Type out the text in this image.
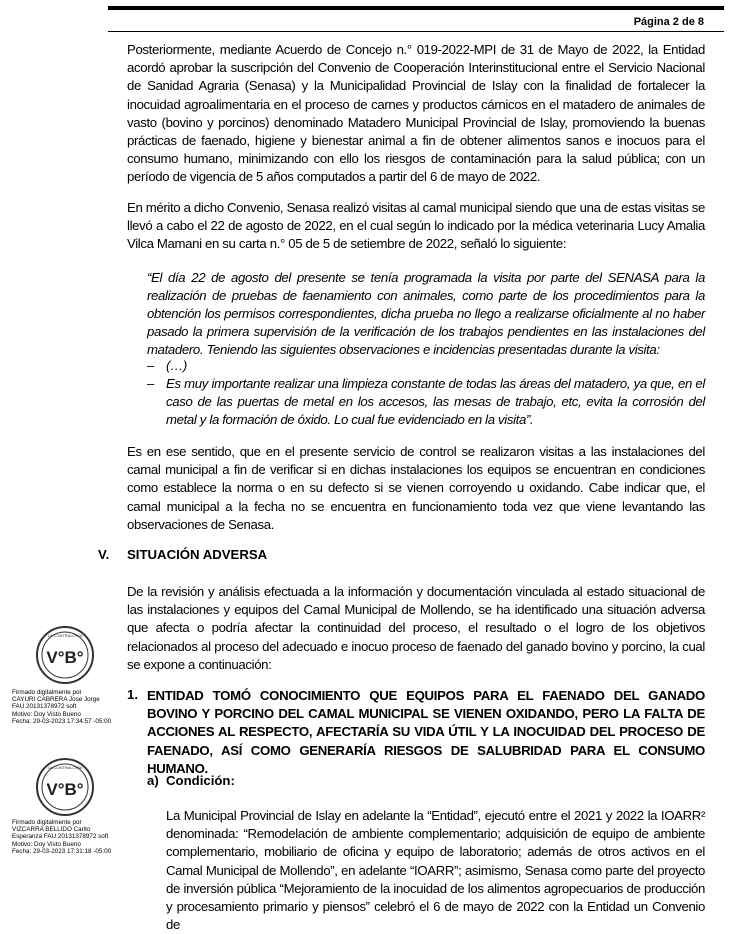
Página 2 de 8
Posteriormente, mediante Acuerdo de Concejo n.° 019-2022-MPI de 31 de Mayo de 2022, la Entidad acordó aprobar la suscripción del Convenio de Cooperación Interinstitucional entre el Servicio Nacional de Sanidad Agraria (Senasa) y la Municipalidad Provincial de Islay con la finalidad de fortalecer la inocuidad agroalimentaria en el proceso de carnes y productos cárnicos en el matadero de animales de vasto (bovino y porcinos) denominado Matadero Municipal Provincial de Islay, promoviendo la buenas prácticas de faenado, higiene y bienestar animal a fin de obtener alimentos sanos e inocuos para el consumo humano, minimizando con ello los riesgos de contaminación para la salud pública; con un período de vigencia de 5 años computados a partir del 6 de mayo de 2022.
En mérito a dicho Convenio, Senasa realizó visitas al camal municipal siendo que una de estas visitas se llevó a cabo el 22 de agosto de 2022, en el cual según lo indicado por la médica veterinaria Lucy Amalia Vilca Mamani en su carta n.° 05 de 5 de setiembre de 2022, señaló lo siguiente:
“El día 22 de agosto del presente se tenía programada la visita por parte del SENASA para la realización de pruebas de faenamiento con animales, como parte de los procedimientos para la obtención los permisos correspondientes, dicha prueba no llego a realizarse oficialmente al no haber pasado la primera supervisión de la verificación de los trabajos pendientes en las instalaciones del matadero. Teniendo las siguientes observaciones e incidencias presentadas durante la visita:
– (…)
– Es muy importante realizar una limpieza constante de todas las áreas del matadero, ya que, en el caso de las puertas de metal en los accesos, las mesas de trabajo, etc, evita la corrosión del metal y la formación de óxido. Lo cual fue evidenciado en la visita”.
Es en ese sentido, que en el presente servicio de control se realizaron visitas a las instalaciones del camal municipal a fin de verificar si en dichas instalaciones los equipos se encuentran en condiciones como establece la norma o en su defecto si se vienen corroyendo u oxidando. Cabe indicar que, el camal municipal a la fecha no se encuentra en funcionamiento toda vez que viene levantando las observaciones de Senasa.
V. SITUACIÓN ADVERSA
De la revisión y análisis efectuada a la información y documentación vinculada al estado situacional de las instalaciones y equipos del Camal Municipal de Mollendo, se ha identificado una situación adversa que afecta o podría afectar la continuidad del proceso, el resultado o el logro de los objetivos relacionados al proceso del adecuado e inocuo proceso de faenado del ganado bovino y porcino, la cual se expone a continuación:
1. ENTIDAD TOMÓ CONOCIMIENTO QUE EQUIPOS PARA EL FAENADO DEL GANADO BOVINO Y PORCINO DEL CAMAL MUNICIPAL SE VIENEN OXIDANDO, PERO LA FALTA DE ACCIONES AL RESPECTO, AFECTARÍA SU VIDA ÚTIL Y LA INOCUIDAD DEL PROCESO DE FAENADO, ASÍ COMO GENERARÍA RIESGOS DE SALUBRIDAD PARA EL CONSUMO HUMANO.
a) Condición:
La Municipal Provincial de Islay en adelante la “Entidad”, ejecutó entre el 2021 y 2022 la IOARR² denominada: “Remodelación de ambiente complementario; adquisición de equipo de ambiente complementario, mobiliario de oficina y equipo de laboratorio; además de otros activos en el Camal Municipal de Mollendo”, en adelante “IOARR”; asimismo, Senasa como parte del proyecto de inversión pública “Mejoramiento de la inocuidad de los alimentos agropecuarios de producción y procesamiento primario y piensos” celebró el 6 de mayo de 2022 con la Entidad un Convenio de
LA CONTRALORÍA
V°B°
Firmado digitalmente por
CAYURI CABRERA Jose Jorge
FAU 20131378972 soft
Motivo: Doy Visto Bueno
Fecha: 29-03-2023 17:34:57 -05:00
LA CONTRALORÍA
V°B°
Firmado digitalmente por
VIZCARRA BELLIDO Carito
Esperanza FAU 20131378972 soft
Motivo: Doy Visto Bueno
Fecha: 29-03-2023 17:31:18 -05:00
